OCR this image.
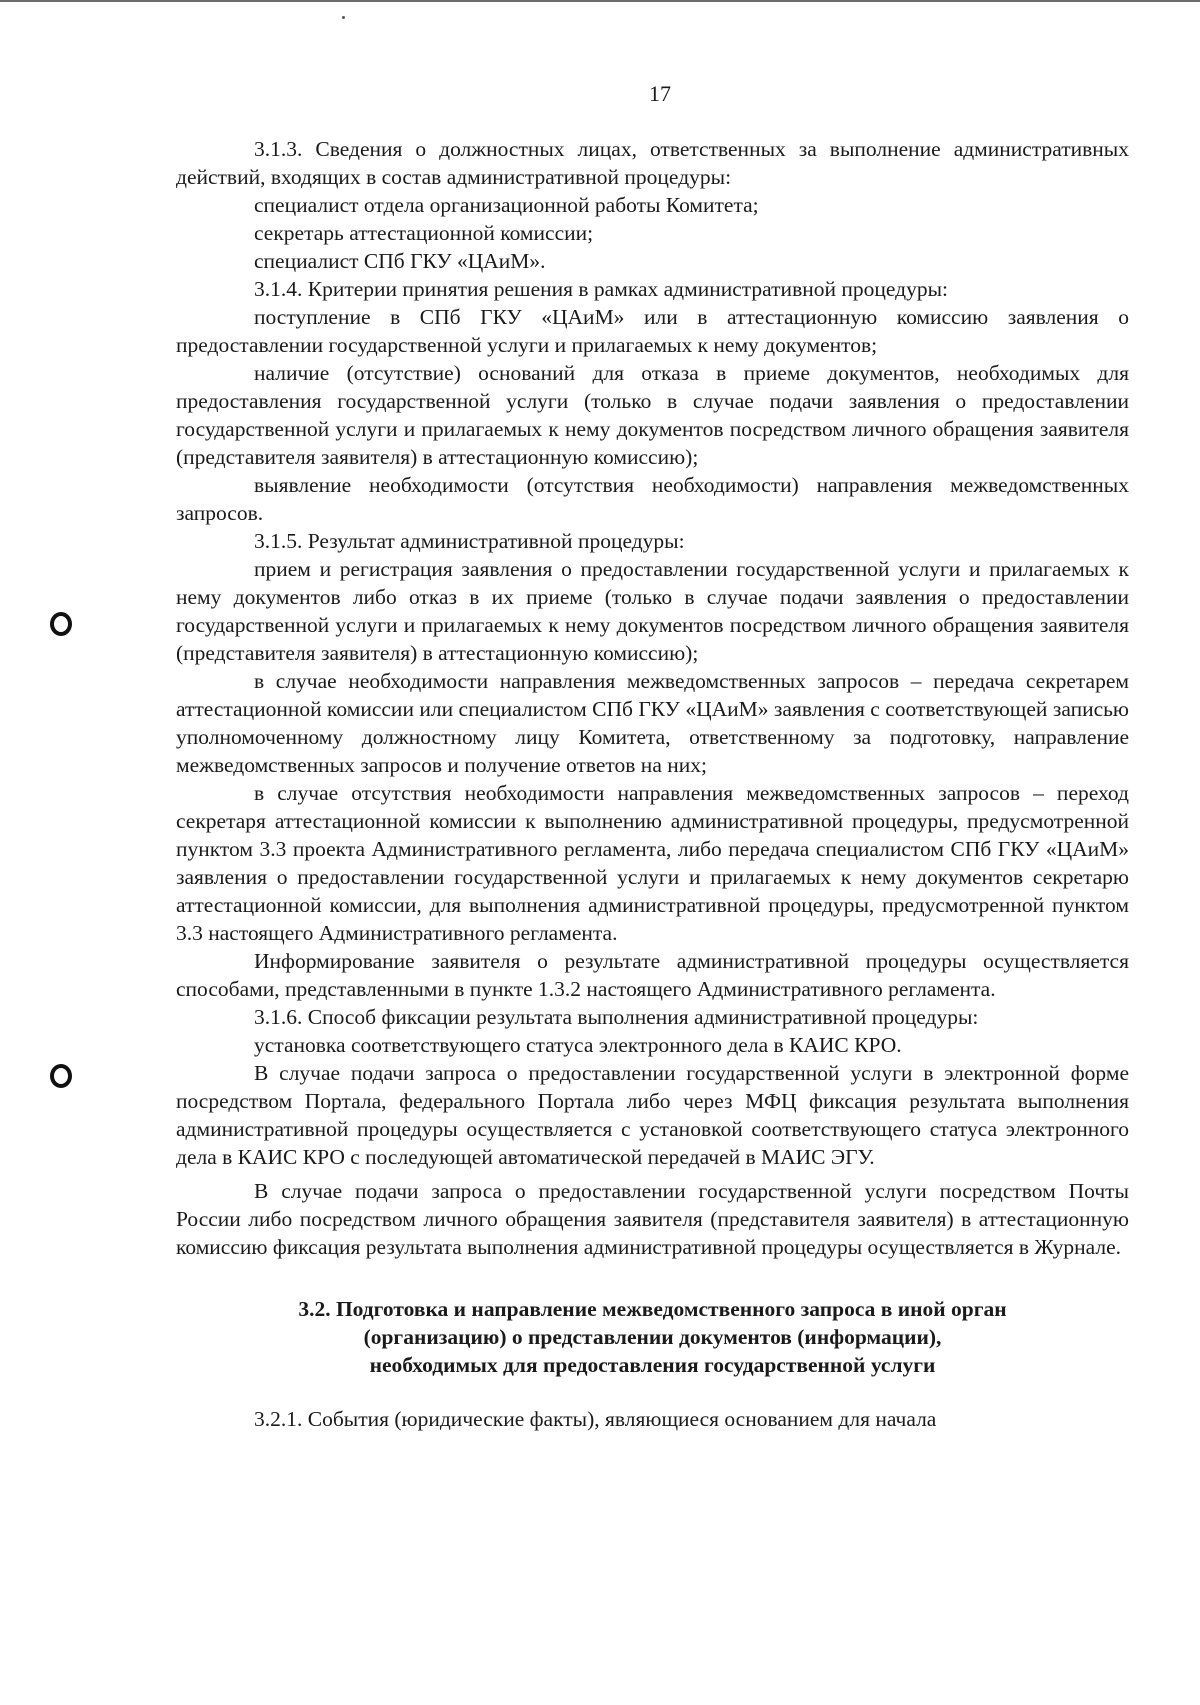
17

3.1.3. Сведения о должностных лицах, ответственных за выполнение административных действий, входящих в состав административной процедуры:

специалист отдела организационной работы Комитета;

секретарь аттестационной комиссии;

специалист СПб ГКУ «ЦАиМ».

3.1.4. Критерии принятия решения в рамках административной процедуры:

поступление в СПб ГКУ «ЦАиМ» или в аттестационную комиссию заявления о предоставлении государственной услуги и прилагаемых к нему документов;

наличие (отсутствие) оснований для отказа в приеме документов, необходимых для предоставления государственной услуги (только в случае подачи заявления о предоставлении государственной услуги и прилагаемых к нему документов посредством личного обращения заявителя (представителя заявителя) в аттестационную комиссию);

выявление необходимости (отсутствия необходимости) направления межведомственных запросов.

3.1.5. Результат административной процедуры:

прием и регистрация заявления о предоставлении государственной услуги и прилагаемых к нему документов либо отказ в их приеме (только в случае подачи заявления о предоставлении государственной услуги и прилагаемых к нему документов посредством личного обращения заявителя (представителя заявителя) в аттестационную комиссию);

в случае необходимости направления межведомственных запросов – передача секретарем аттестационной комиссии или специалистом СПб ГКУ «ЦАиМ» заявления с соответствующей записью уполномоченному должностному лицу Комитета, ответственному за подготовку, направление межведомственных запросов и получение ответов на них;

в случае отсутствия необходимости направления межведомственных запросов – переход секретаря аттестационной комиссии к выполнению административной процедуры, предусмотренной пунктом 3.3 проекта Административного регламента, либо передача специалистом СПб ГКУ «ЦАиМ» заявления о предоставлении государственной услуги и прилагаемых к нему документов секретарю аттестационной комиссии, для выполнения административной процедуры, предусмотренной пунктом 3.3 настоящего Административного регламента.

Информирование заявителя о результате административной процедуры осуществляется способами, представленными в пункте 1.3.2 настоящего Административного регламента.

3.1.6. Способ фиксации результата выполнения административной процедуры:

установка соответствующего статуса электронного дела в КАИС КРО.

В случае подачи запроса о предоставлении государственной услуги в электронной форме посредством Портала, федерального Портала либо через МФЦ фиксация результата выполнения административной процедуры осуществляется с установкой соответствующего статуса электронного дела в КАИС КРО с последующей автоматической передачей в МАИС ЭГУ.

В случае подачи запроса о предоставлении государственной услуги посредством Почты России либо посредством личного обращения заявителя (представителя заявителя) в аттестационную комиссию фиксация результата выполнения административной процедуры осуществляется в Журнале.

3.2. Подготовка и направление межведомственного запроса в иной орган
(организацию) о представлении документов (информации),
необходимых для предоставления государственной услуги

3.2.1. События (юридические факты), являющиеся основанием для начала
